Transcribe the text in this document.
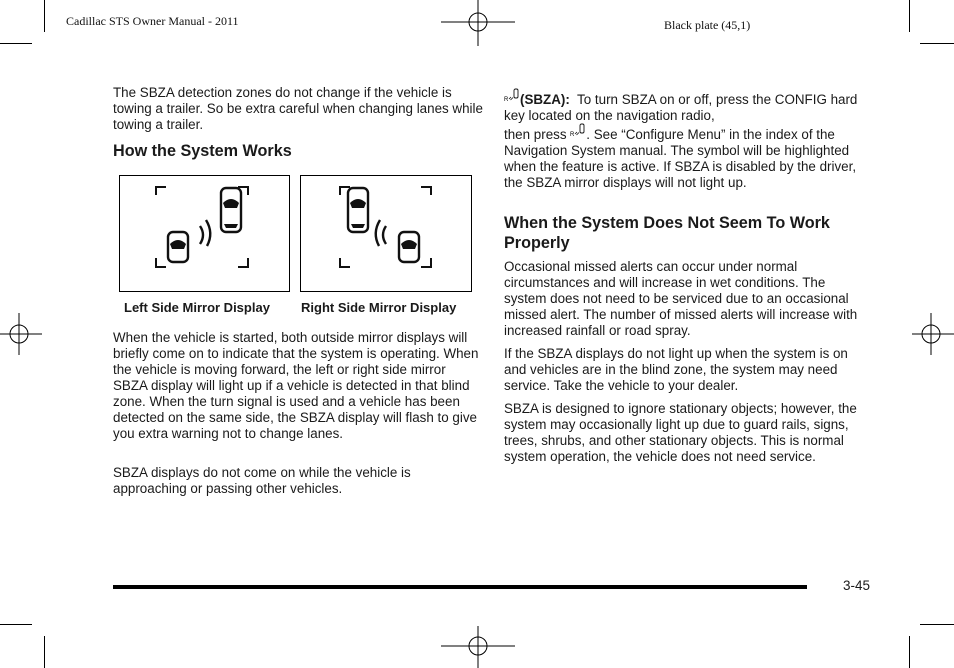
Cadillac STS Owner Manual - 2011	Black plate (45,1)

The SBZA detection zones do not change if the vehicle is towing a trailer. So be extra careful when changing lanes while towing a trailer.

How the System Works
Left Side Mirror Display Right Side Mirror Display

When the vehicle is started, both outside mirror displays will briefly come on to indicate that the system is operating. When the vehicle is moving forward, the left or right side mirror SBZA display will light up if a vehicle is detected in that blind zone. When the turn signal is used and a vehicle has been detected on the same side, the SBZA display will flash to give you extra warning not to change lanes.

SBZA displays do not come on while the vehicle is approaching or passing other vehicles.

R (SBZA): To turn SBZA on or off, press the CONFIG hard key located on the navigation radio,

then press R . See “Configure Menu” in the index of the Navigation System manual. The symbol will be highlighted when the feature is active. If SBZA is disabled by the driver, the SBZA mirror displays will not light up.

When the System Does Not Seem To Work Properly

Occasional missed alerts can occur under normal circumstances and will increase in wet conditions. The system does not need to be serviced due to an occasional missed alert. The number of missed alerts will increase with increased rainfall or road spray.

If the SBZA displays do not light up when the system is on and vehicles are in the blind zone, the system may need service. Take the vehicle to your dealer.

SBZA is designed to ignore stationary objects; however, the system may occasionally light up due to guard rails, signs, trees, shrubs, and other stationary objects. This is normal system operation, the vehicle does not need service.

3-45
